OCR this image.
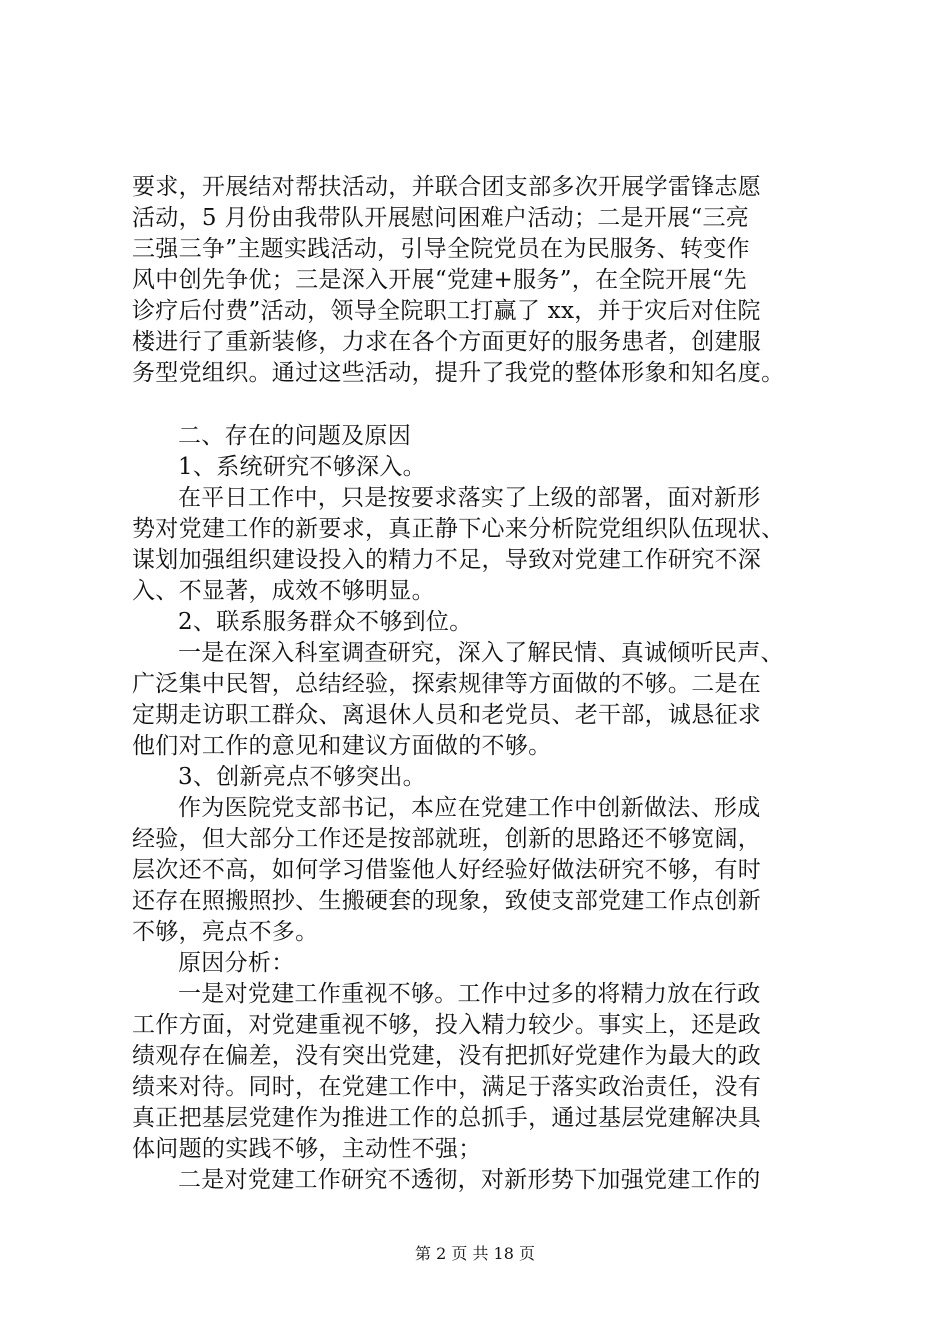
要求，开展结对帮扶活动，并联合团支部多次开展学雷锋志愿
活动，5 月份由我带队开展慰问困难户活动；二是开展“三亮
三强三争”主题实践活动，引导全院党员在为民服务、转变作
风中创先争优；三是深入开展“党建+服务”，在全院开展“先
诊疗后付费”活动，领导全院职工打赢了 xx，并于灾后对住院
楼进行了重新装修，力求在各个方面更好的服务患者，创建服
务型党组织。通过这些活动，提升了我党的整体形象和知名度。
二、存在的问题及原因
1、系统研究不够深入。
在平日工作中，只是按要求落实了上级的部署，面对新形
势对党建工作的新要求，真正静下心来分析院党组织队伍现状、
谋划加强组织建设投入的精力不足，导致对党建工作研究不深
入、不显著，成效不够明显。
2、联系服务群众不够到位。
一是在深入科室调查研究，深入了解民情、真诚倾听民声、
广泛集中民智，总结经验，探索规律等方面做的不够。二是在
定期走访职工群众、离退休人员和老党员、老干部，诚恳征求
他们对工作的意见和建议方面做的不够。
3、创新亮点不够突出。
作为医院党支部书记，本应在党建工作中创新做法、形成
经验，但大部分工作还是按部就班，创新的思路还不够宽阔，
层次还不高，如何学习借鉴他人好经验好做法研究不够，有时
还存在照搬照抄、生搬硬套的现象，致使支部党建工作点创新
不够，亮点不多。
原因分析：
一是对党建工作重视不够。工作中过多的将精力放在行政
工作方面，对党建重视不够，投入精力较少。事实上，还是政
绩观存在偏差，没有突出党建，没有把抓好党建作为最大的政
绩来对待。同时，在党建工作中，满足于落实政治责任，没有
真正把基层党建作为推进工作的总抓手，通过基层党建解决具
体问题的实践不够，主动性不强；
二是对党建工作研究不透彻，对新形势下加强党建工作的
第 2 页 共 18 页
